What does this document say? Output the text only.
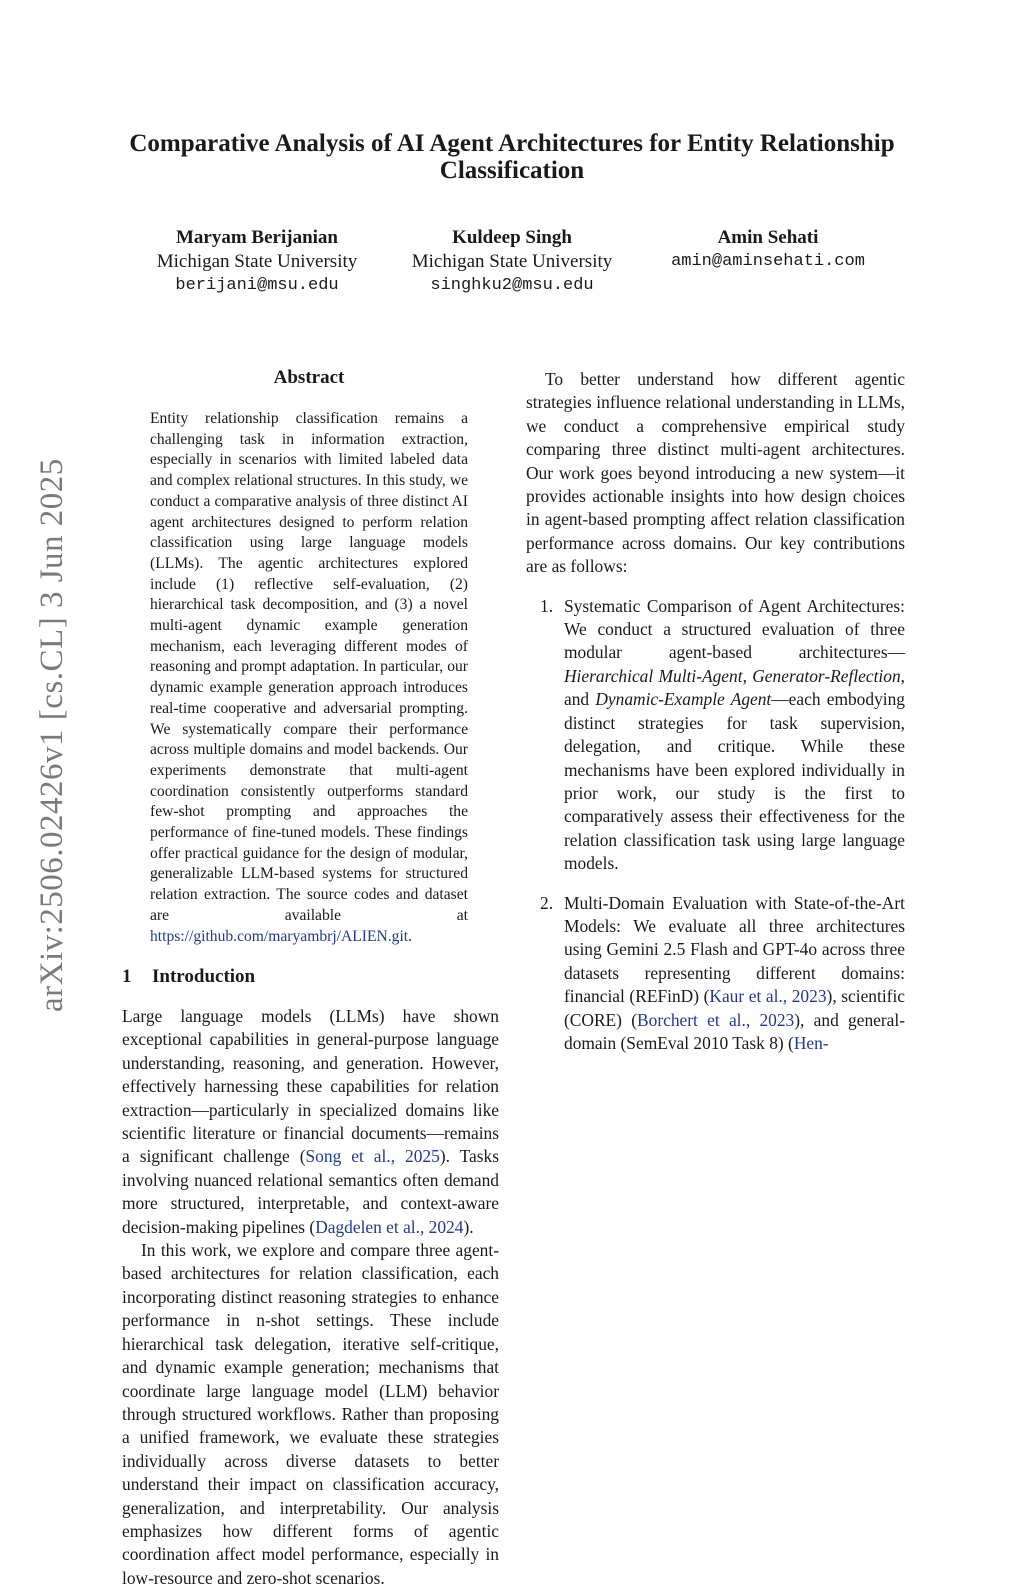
arXiv:2506.02426v1 [cs.CL] 3 Jun 2025
Comparative Analysis of AI Agent Architectures for Entity Relationship Classification
Maryam Berijanian
Michigan State University
berijani@msu.edu
Kuldeep Singh
Michigan State University
singhku2@msu.edu
Amin Sehati
amin@aminsehati.com
Abstract
Entity relationship classification remains a challenging task in information extraction, especially in scenarios with limited labeled data and complex relational structures. In this study, we conduct a comparative analysis of three distinct AI agent architectures designed to perform relation classification using large language models (LLMs). The agentic architectures explored include (1) reflective self-evaluation, (2) hierarchical task decomposition, and (3) a novel multi-agent dynamic example generation mechanism, each leveraging different modes of reasoning and prompt adaptation. In particular, our dynamic example generation approach introduces real-time cooperative and adversarial prompting. We systematically compare their performance across multiple domains and model backends. Our experiments demonstrate that multi-agent coordination consistently outperforms standard few-shot prompting and approaches the performance of fine-tuned models. These findings offer practical guidance for the design of modular, generalizable LLM-based systems for structured relation extraction. The source codes and dataset are available at https://github.com/maryambrj/ALIEN.git.
1 Introduction

Large language models (LLMs) have shown exceptional capabilities in general-purpose language understanding, reasoning, and generation. However, effectively harnessing these capabilities for relation extraction—particularly in specialized domains like scientific literature or financial documents—remains a significant challenge (Song et al., 2025). Tasks involving nuanced relational semantics often demand more structured, interpretable, and context-aware decision-making pipelines (Dagdelen et al., 2024).

In this work, we explore and compare three agent-based architectures for relation classification, each incorporating distinct reasoning strategies to enhance performance in n-shot settings. These include hierarchical task delegation, iterative self-critique, and dynamic example generation; mechanisms that coordinate large language model (LLM) behavior through structured workflows. Rather than proposing a unified framework, we evaluate these strategies individually across diverse datasets to better understand their impact on classification accuracy, generalization, and interpretability. Our analysis emphasizes how different forms of agentic coordination affect model performance, especially in low-resource and zero-shot scenarios.

To better understand how different agentic strategies influence relational understanding in LLMs, we conduct a comprehensive empirical study comparing three distinct multi-agent architectures. Our work goes beyond introducing a new system—it provides actionable insights into how design choices in agent-based prompting affect relation classification performance across domains. Our key contributions are as follows:

1. Systematic Comparison of Agent Architectures: We conduct a structured evaluation of three modular agent-based architectures—Hierarchical Multi-Agent, Generator-Reflection, and Dynamic-Example Agent—each embodying distinct strategies for task supervision, delegation, and critique. While these mechanisms have been explored individually in prior work, our study is the first to comparatively assess their effectiveness for the relation classification task using large language models.
2. Multi-Domain Evaluation with State-of-the-Art Models: We evaluate all three architectures using Gemini 2.5 Flash and GPT-4o across three datasets representing different domains: financial (REFinD) (Kaur et al., 2023), scientific (CORE) (Borchert et al., 2023), and general-domain (SemEval 2010 Task 8) (Hen-
